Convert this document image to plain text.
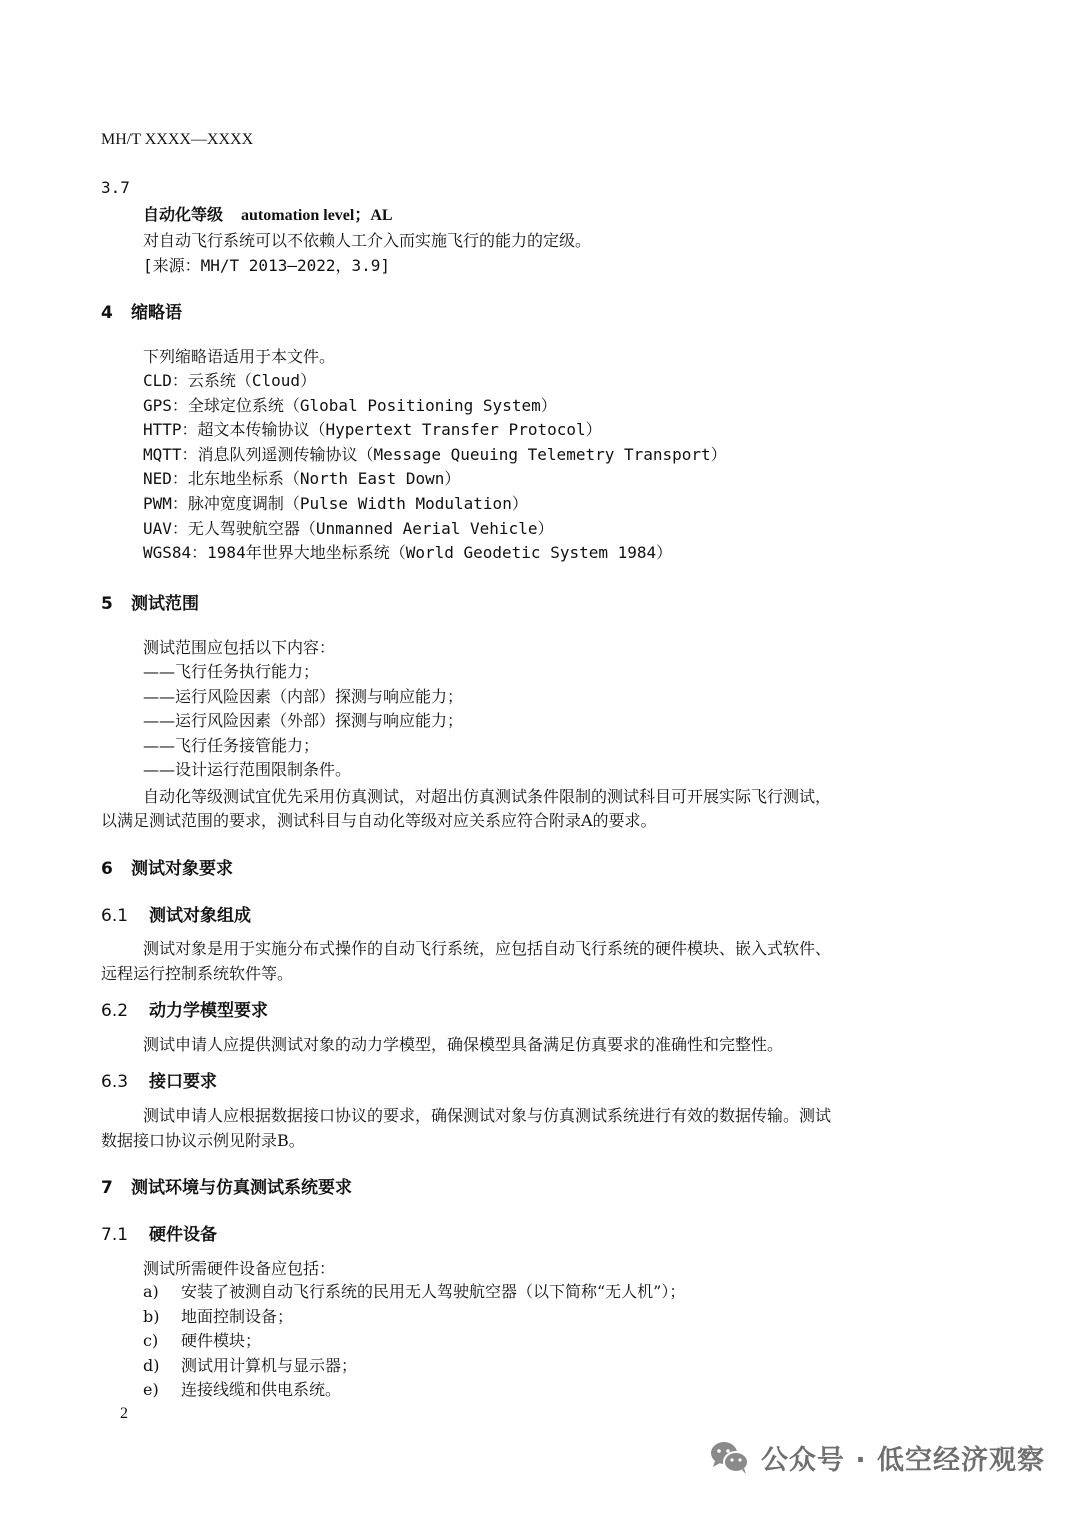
MH/T XXXX—XXXX
3.7
自动化等级 automation level；AL
对自动飞行系统可以不依赖人工介入而实施飞行的能力的定级。
[来源：MH/T 2013—2022，3.9]
4 缩略语
下列缩略语适用于本文件。
CLD：云系统（Cloud）
GPS：全球定位系统（Global Positioning System）
HTTP：超文本传输协议（Hypertext Transfer Protocol）
MQTT：消息队列遥测传输协议（Message Queuing Telemetry Transport）
NED：北东地坐标系（North East Down）
PWM：脉冲宽度调制（Pulse Width Modulation）
UAV：无人驾驶航空器（Unmanned Aerial Vehicle）
WGS84：1984年世界大地坐标系统（World Geodetic System 1984）
5 测试范围
测试范围应包括以下内容：
——飞行任务执行能力；
——运行风险因素（内部）探测与响应能力；
——运行风险因素（外部）探测与响应能力；
——飞行任务接管能力；
——设计运行范围限制条件。
自动化等级测试宜优先采用仿真测试，对超出仿真测试条件限制的测试科目可开展实际飞行测试，
以满足测试范围的要求，测试科目与自动化等级对应关系应符合附录A的要求。
6 测试对象要求
6.1 测试对象组成
测试对象是用于实施分布式操作的自动飞行系统，应包括自动飞行系统的硬件模块、嵌入式软件、
远程运行控制系统软件等。
6.2 动力学模型要求
测试申请人应提供测试对象的动力学模型，确保模型具备满足仿真要求的准确性和完整性。
6.3 接口要求
测试申请人应根据数据接口协议的要求，确保测试对象与仿真测试系统进行有效的数据传输。测试
数据接口协议示例见附录B。
7 测试环境与仿真测试系统要求
7.1 硬件设备
测试所需硬件设备应包括：
a) 安装了被测自动飞行系统的民用无人驾驶航空器（以下简称“无人机”）；
b) 地面控制设备；
c) 硬件模块；
d) 测试用计算机与显示器；
e) 连接线缆和供电系统。
2
公众号 · 低空经济观察
